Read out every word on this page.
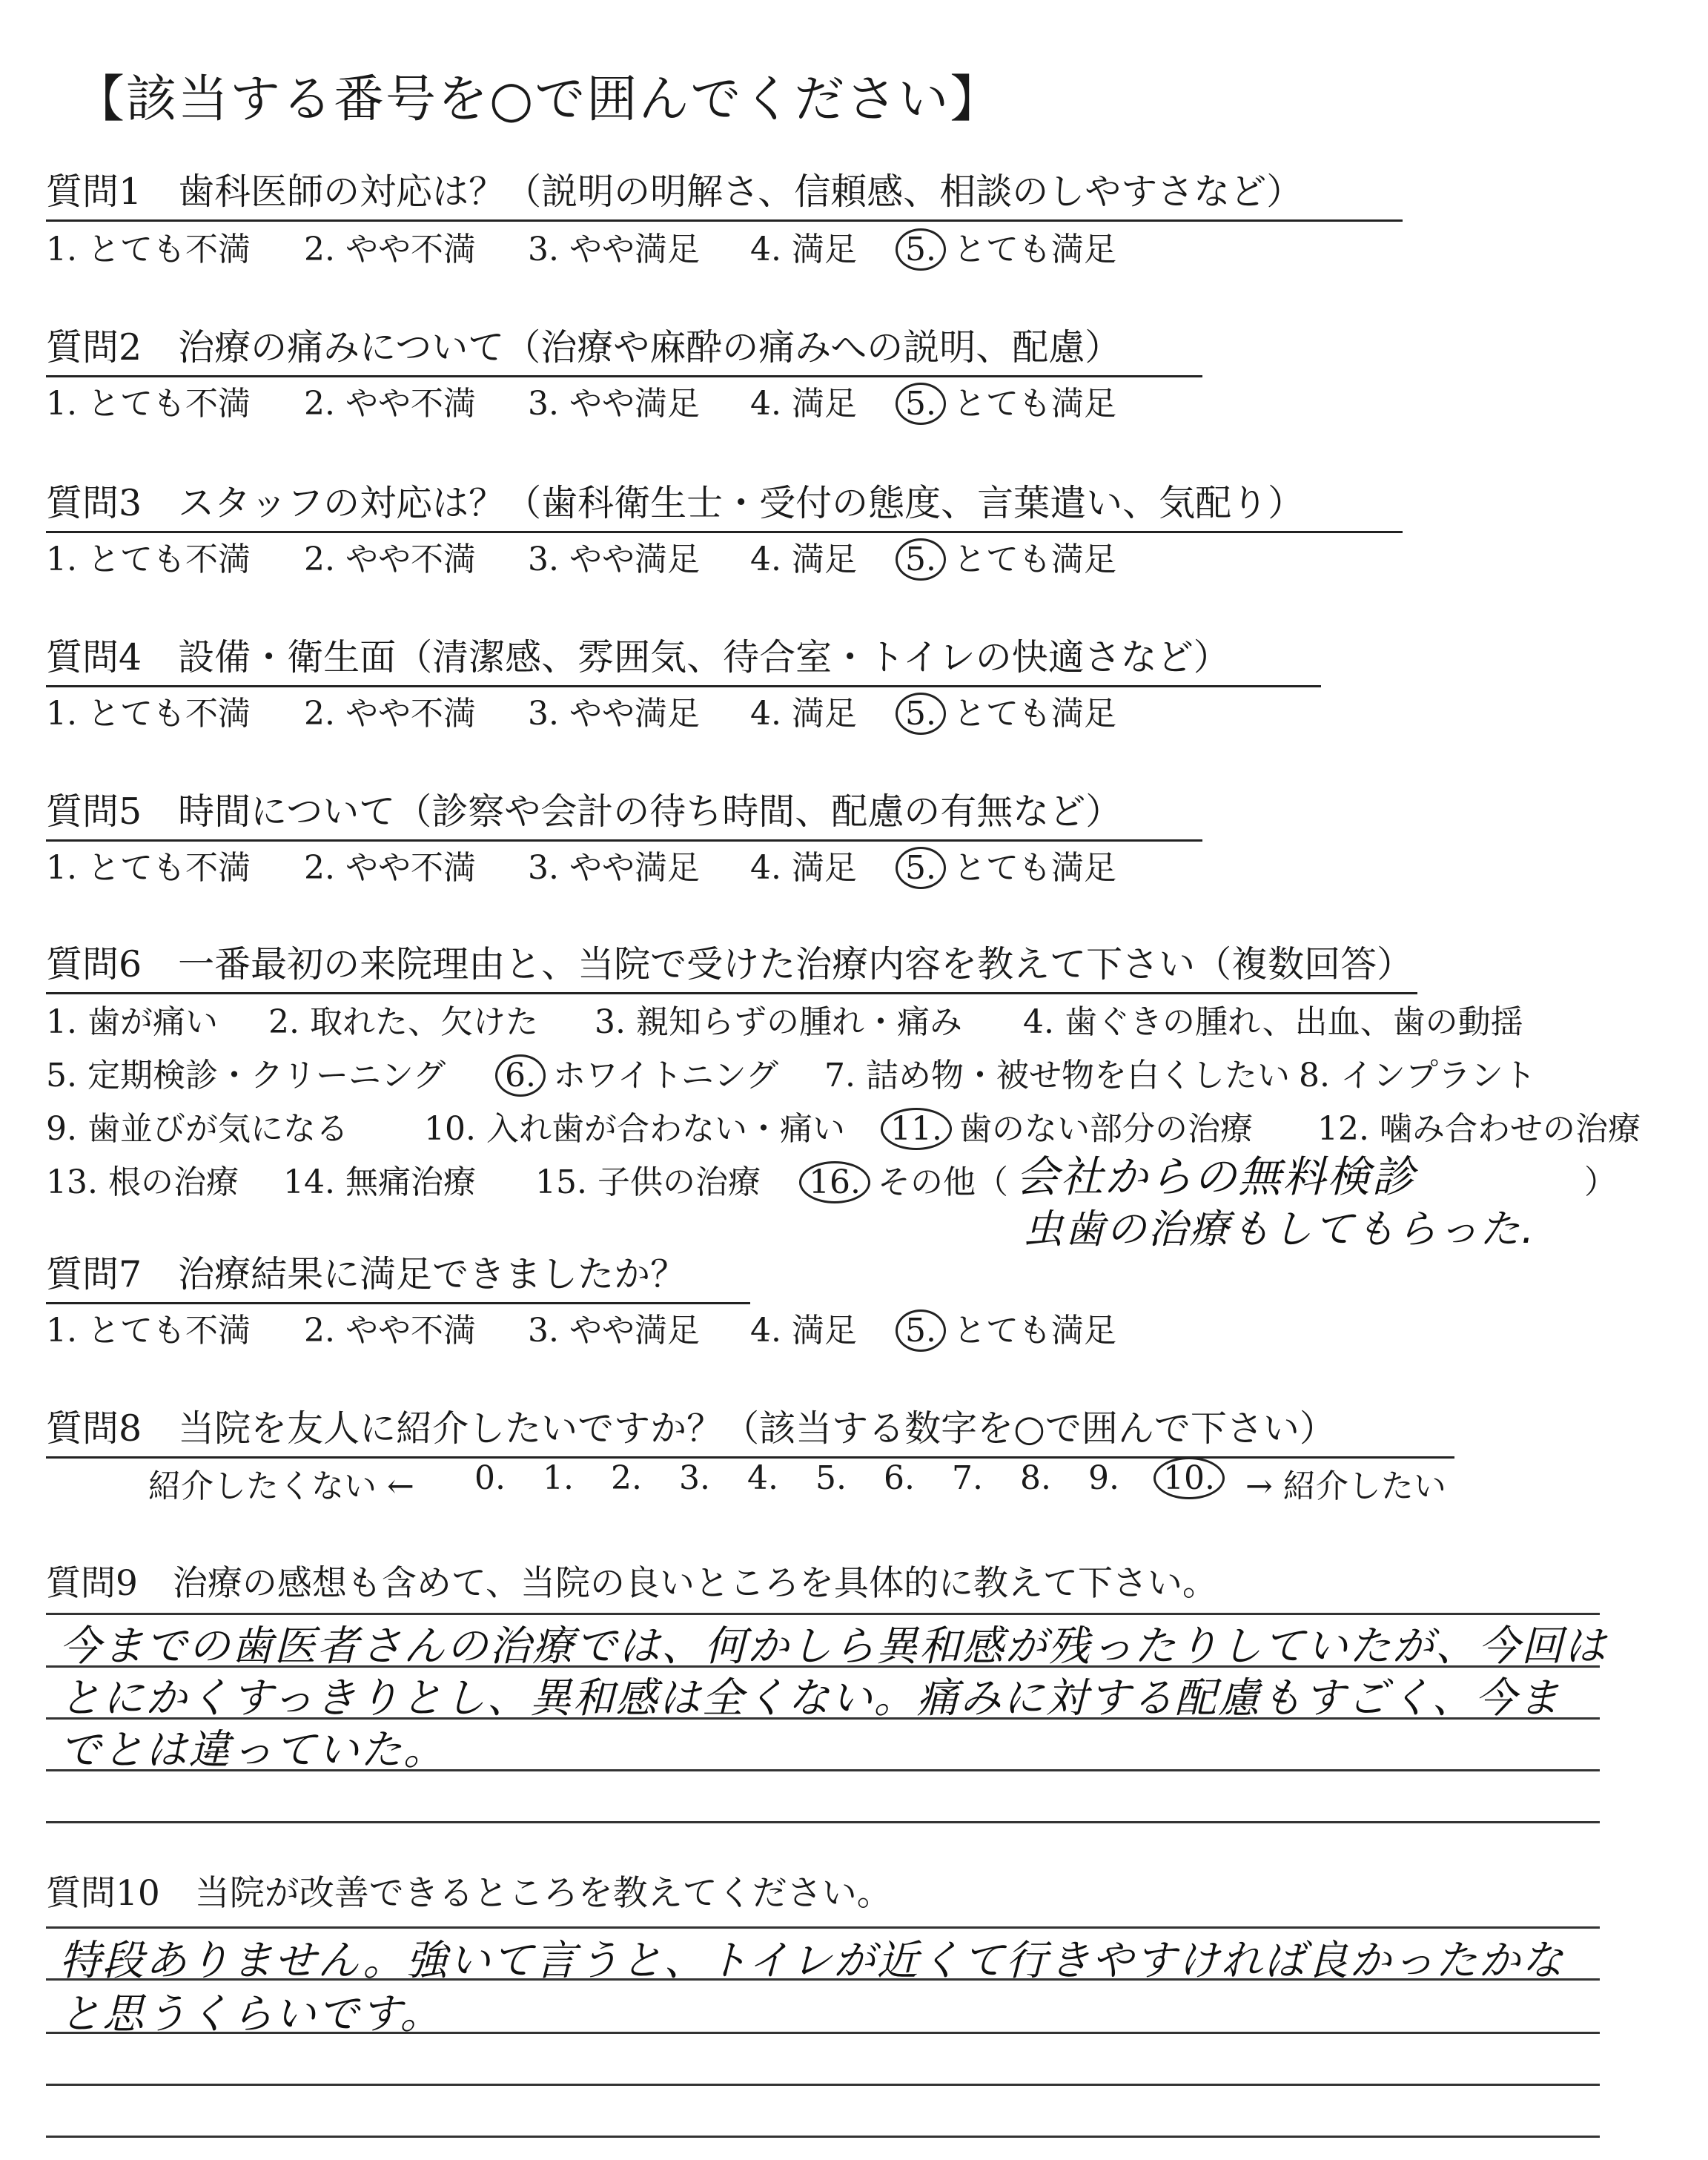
【該当する番号を○で囲んでください】
質問1　歯科医師の対応は？（説明の明解さ、信頼感、相談のしやすさなど）
1. とても不満 2. やや不満 3. やや満足 4. 満足 5. とても満足
質問2　治療の痛みについて（治療や麻酔の痛みへの説明、配慮）
1. とても不満 2. やや不満 3. やや満足 4. 満足 5. とても満足
質問3　スタッフの対応は？（歯科衛生士・受付の態度、言葉遣い、気配り）
1. とても不満 2. やや不満 3. やや満足 4. 満足 5. とても満足
質問4　設備・衛生面（清潔感、雰囲気、待合室・トイレの快適さなど）
1. とても不満 2. やや不満 3. やや満足 4. 満足 5. とても満足
質問5　時間について（診察や会計の待ち時間、配慮の有無など）
1. とても不満 2. やや不満 3. やや満足 4. 満足 5. とても満足
質問6　一番最初の来院理由と、当院で受けた治療内容を教えて下さい（複数回答）
1. 歯が痛い 2. 取れた、欠けた 3. 親知らずの腫れ・痛み 4. 歯ぐきの腫れ、出血、歯の動揺
5. 定期検診・クリーニング 6. ホワイトニング 7. 詰め物・被せ物を白くしたい 8. インプラント
9. 歯並びが気になる 10. 入れ歯が合わない・痛い 11. 歯のない部分の治療 12. 噛み合わせの治療
13. 根の治療 14. 無痛治療 15. 子供の治療 16. その他（	）
会社からの無料検診
虫歯の治療もしてもらった.
質問7　治療結果に満足できましたか？
1. とても不満 2. やや不満 3. やや満足 4. 満足 5. とても満足
質問8　当院を友人に紹介したいですか？（該当する数字を○で囲んで下さい）
紹介したくない ← 0. 1. 2. 3. 4. 5. 6. 7. 8. 9. 10. → 紹介したい
質問9　治療の感想も含めて、当院の良いところを具体的に教えて下さい。
今までの歯医者さんの治療では、何かしら異和感が残ったりしていたが、今回は
とにかくすっきりとし、異和感は全くない。痛みに対する配慮もすごく、今ま
でとは違っていた。
質問10　当院が改善できるところを教えてください。
特段ありません。強いて言うと、トイレが近くて行きやすければ良かったかな
と思うくらいです。
